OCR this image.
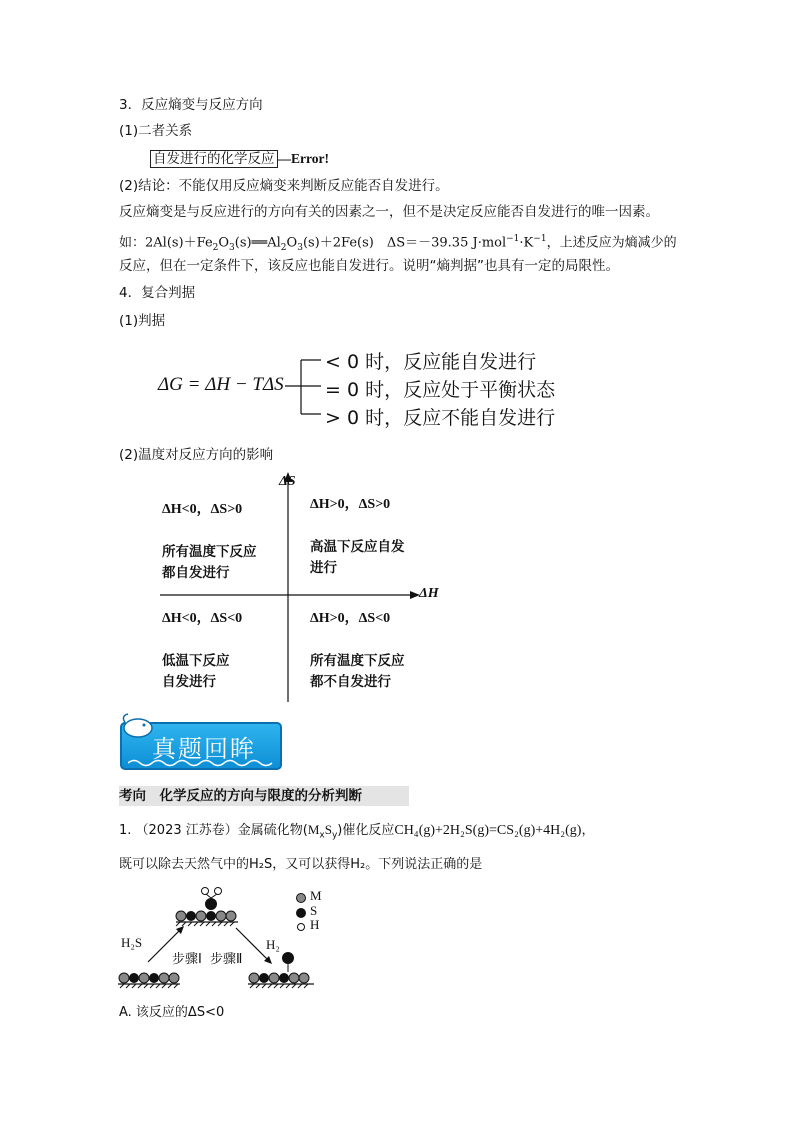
3．反应熵变与反应方向
(1)二者关系
自发进行的化学反应 —Error!
(2)结论：不能仅用反应熵变来判断反应能否自发进行。
反应熵变是与反应进行的方向有关的因素之一，但不是决定反应能否自发进行的唯一因素。
如：$2Al(s)+Fe_2O_3(s)══Al_2O_3(s)+2Fe(s)$　ΔS＝－39.35 $J\cdot mol^{-1}\cdot K^{-1}$，上述反应为熵减少的
反应，但在一定条件下，该反应也能自发进行。说明“熵判据”也具有一定的局限性。
4．复合判据
(1)判据
ΔG = ΔH − TΔS
< 0 时，反应能自发进行
= 0 时，反应处于平衡状态
> 0 时，反应不能自发进行
(2)温度对反应方向的影响
ΔS
ΔH
ΔH<0，ΔS>0
所有温度下反应
都自发进行
ΔH>0，ΔS>0
高温下反应自发
进行
ΔH<0，ΔS<0
低温下反应
自发进行
ΔH>0，ΔS<0
所有温度下反应
都不自发进行
真题回眸
考向　化学反应的方向与限度的分析判断
1. （2023 江苏卷）金属硫化物$(M_xS_y)$催化反应CH₄(g)+2H₂S(g)=CS₂(g)+4H₂(g)，
既可以除去天然气中的H₂S，又可以获得H₂。下列说法正确的是
M
S
H
H₂S	H₂
步骤Ⅰ 步骤Ⅱ
A. 该反应的ΔS<0
